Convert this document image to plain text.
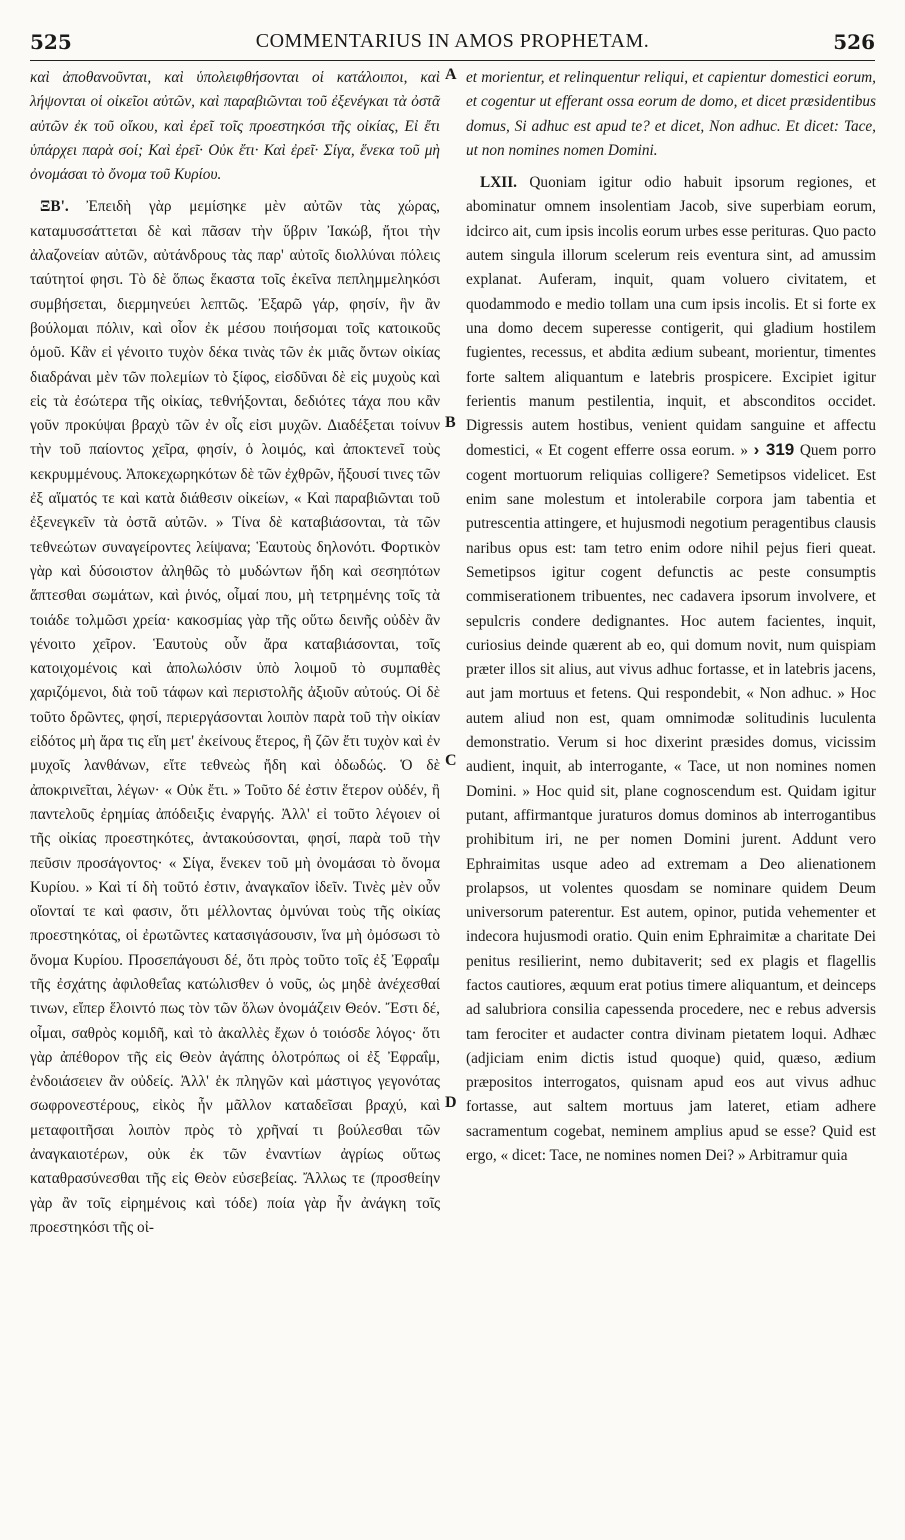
525	COMMENTARIUS IN AMOS PROPHETAM.	526
A
B
C
D

καὶ ἀποθανοῦνται, καὶ ὑπολειφθήσονται οἱ κατάλοιποι, καὶ λήψονται οἱ οἰκεῖοι αὐτῶν, καὶ παραβιῶνται τοῦ ἐξενέγκαι τὰ ὀστᾶ αὐτῶν ἐκ τοῦ οἴκου, καὶ ἐρεῖ τοῖς προεστηκόσι τῆς οἰκίας, Εἰ ἔτι ὑπάρχει παρὰ σοί; Καὶ ἐρεῖ· Οὐκ ἔτι· Καὶ ἐρεῖ· Σίγα, ἕνεκα τοῦ μὴ ὀνομάσαι τὸ ὄνομα τοῦ Κυρίου.

ΞΒ'. Ἐπειδὴ γὰρ μεμίσηκε μὲν αὐτῶν τὰς χώρας, καταμυσσάττεται δὲ καὶ πᾶσαν τὴν ὕβριν Ἰακώβ, ἤτοι τὴν ἀλαζονείαν αὐτῶν, αὐτάνδρους τὰς παρ' αὐτοῖς διολλύναι πόλεις ταύτητοί φησι. Τὸ δὲ ὅπως ἕκαστα τοῖς ἐκεῖνα πεπλημμεληκόσι συμβήσεται, διερμηνεύει λεπτῶς. Ἐξαρῶ γάρ, φησίν, ἣν ἂν βούλομαι πόλιν, καὶ οἷον ἐκ μέσου ποιήσομαι τοῖς κατοικοῦς ὁμοῦ. Κἂν εἰ γένοιτο τυχὸν δέκα τινὰς τῶν ἐκ μιᾶς ὄντων οἰκίας διαδράναι μὲν τῶν πολεμίων τὸ ξίφος, εἰσδῦναι δὲ εἰς μυχοὺς καὶ εἰς τὰ ἐσώτερα τῆς οἰκίας, τεθνήξονται, δεδιότες τάχα που κἂν γοῦν προκύψαι βραχὺ τῶν ἐν οἷς εἰσι μυχῶν. Διαδέξεται τοίνυν τὴν τοῦ παίοντος χεῖρα, φησίν, ὁ λοιμός, καὶ ἀποκτενεῖ τοὺς κεκρυμμένους. Ἀποκεχωρηκότων δὲ τῶν ἐχθρῶν, ἥξουσί τινες τῶν ἐξ αἵματός τε καὶ κατὰ διάθεσιν οἰκείων, « Καὶ παραβιῶνται τοῦ ἐξενεγκεῖν τὰ ὀστᾶ αὐτῶν. » Τίνα δὲ καταβιάσονται, τὰ τῶν τεθνεώτων συναγείροντες λείψανα; Ἑαυτοὺς δηλονότι. Φορτικὸν γὰρ καὶ δύσοιστον ἀληθῶς τὸ μυδώντων ἤδη καὶ σεσηπότων ἅπτεσθαι σωμάτων, καὶ ῥινός, οἶμαί που, μὴ τετρημένης τοῖς τὰ τοιάδε τολμῶσι χρεία· κακοσμίας γὰρ τῆς οὕτω δεινῆς οὐδὲν ἂν γένοιτο χεῖρον. Ἑαυτοὺς οὖν ἄρα καταβιάσονται, τοῖς κατοιχομένοις καὶ ἀπολωλόσιν ὑπὸ λοιμοῦ τὸ συμπαθὲς χαριζόμενοι, διὰ τοῦ τάφων καὶ περιστολῆς ἀξιοῦν αὐτούς. Οἱ δὲ τοῦτο δρῶντες, φησί, περιεργάσονται λοιπὸν παρὰ τοῦ τὴν οἰκίαν εἰδότος μὴ ἄρα τις εἴη μετ' ἐκείνους ἕτερος, ἢ ζῶν ἔτι τυχὸν καὶ ἐν μυχοῖς λανθάνων, εἴτε τεθνεὼς ἤδη καὶ ὀδωδώς. Ὁ δὲ ἀποκρινεῖται, λέγων· « Οὐκ ἔτι. » Τοῦτο δέ ἐστιν ἕτερον οὐδέν, ἢ παντελοῦς ἐρημίας ἀπόδειξις ἐναργής. Ἀλλ' εἰ τοῦτο λέγοιεν οἱ τῆς οἰκίας προεστηκότες, ἀντακούσονται, φησί, παρὰ τοῦ τὴν πεῦσιν προσάγοντος· « Σίγα, ἕνεκεν τοῦ μὴ ὀνομάσαι τὸ ὄνομα Κυρίου. » Καὶ τί δὴ τοῦτό ἐστιν, ἀναγκαῖον ἰδεῖν. Τινὲς μὲν οὖν οἴονταί τε καὶ φασιν, ὅτι μέλλοντας ὀμνύναι τοὺς τῆς οἰκίας προεστηκότας, οἱ ἐρωτῶντες κατασιγάσουσιν, ἵνα μὴ ὀμόσωσι τὸ ὄνομα Κυρίου. Προσεπάγουσι δέ, ὅτι πρὸς τοῦτο τοῖς ἐξ Ἐφραΐμ τῆς ἐσχάτης ἀφιλοθεΐας κατώλισθεν ὁ νοῦς, ὡς μηδὲ ἀνέχεσθαί τινων, εἴπερ ἕλοιντό πως τὸν τῶν ὅλων ὀνομάζειν Θεόν. Ἔστι δέ, οἶμαι, σαθρὸς κομιδῆ, καὶ τὸ ἀκαλλὲς ἔχων ὁ τοιόσδε λόγος· ὅτι γὰρ ἀπέθορον τῆς εἰς Θεὸν ἀγάπης ὁλοτρόπως οἱ ἐξ Ἐφραΐμ, ἐνδοιάσειεν ἂν οὐδείς. Ἀλλ' ἐκ πληγῶν καὶ μάστιγος γεγονότας σωφρονεστέρους, εἰκὸς ἦν μᾶλλον καταδεῖσαι βραχύ, καὶ μεταφοιτῆσαι λοιπὸν πρὸς τὸ χρῆναί τι βούλεσθαι τῶν ἀναγκαιοτέρων, οὐκ ἐκ τῶν ἐναντίων ἀγρίως οὕτως καταθρασύνεσθαι τῆς εἰς Θεὸν εὐσεβείας. Ἄλλως τε (προσθείην γὰρ ἂν τοῖς εἰρημένοις καὶ τόδε) ποία γὰρ ἦν ἀνάγκη τοῖς προεστηκόσι τῆς οἰ-

et morientur, et relinquentur reliqui, et capientur domestici eorum, et cogentur ut efferant ossa eorum de domo, et dicet præsidentibus domus, Si adhuc est apud te? et dicet, Non adhuc. Et dicet: Tace, ut non nomines nomen Domini.

LXII. Quoniam igitur odio habuit ipsorum regiones, et abominatur omnem insolentiam Jacob, sive superbiam eorum, idcirco ait, cum ipsis incolis eorum urbes esse perituras. Quo pacto autem singula illorum scelerum reis eventura sint, ad amussim explanat. Auferam, inquit, quam voluero civitatem, et quodammodo e medio tollam una cum ipsis incolis. Et si forte ex una domo decem superesse contigerit, qui gladium hostilem fugientes, recessus, et abdita ædium subeant, morientur, timentes forte saltem aliquantum e latebris prospicere. Excipiet igitur ferientis manum pestilentia, inquit, et absconditos occidet. Digressis autem hostibus, venient quidam sanguine et affectu domestici, « Et cogent efferre ossa eorum. » › 319 Quem porro cogent mortuorum reliquias colligere? Semetipsos videlicet. Est enim sane molestum et intolerabile corpora jam tabentia et putrescentia attingere, et hujusmodi negotium peragentibus clausis naribus opus est: tam tetro enim odore nihil pejus fieri queat. Semetipsos igitur cogent defunctis ac peste consumptis commiserationem tribuentes, nec cadavera ipsorum involvere, et sepulcris condere dedignantes. Hoc autem facientes, inquit, curiosius deinde quærent ab eo, qui domum novit, num quispiam præter illos sit alius, aut vivus adhuc fortasse, et in latebris jacens, aut jam mortuus et fetens. Qui respondebit, « Non adhuc. » Hoc autem aliud non est, quam omnimodæ solitudinis luculenta demonstratio. Verum si hoc dixerint præsides domus, vicissim audient, inquit, ab interrogante, « Tace, ut non nomines nomen Domini. » Hoc quid sit, plane cognoscendum est. Quidam igitur putant, affirmantque juraturos domus dominos ab interrogantibus prohibitum iri, ne per nomen Domini jurent. Addunt vero Ephraimitas usque adeo ad extremam a Deo alienationem prolapsos, ut volentes quosdam se nominare quidem Deum universorum paterentur. Est autem, opinor, putida vehementer et indecora hujusmodi oratio. Quin enim Ephraimitæ a charitate Dei penitus resilierint, nemo dubitaverit; sed ex plagis et flagellis factos cautiores, æquum erat potius timere aliquantum, et deinceps ad salubriora consilia capessenda procedere, nec e rebus adversis tam ferociter et audacter contra divinam pietatem loqui. Adhæc (adjiciam enim dictis istud quoque) quid, quæso, ædium præpositos interrogatos, quisnam apud eos aut vivus adhuc fortasse, aut saltem mortuus jam lateret, etiam adhere sacramentum cogebat, neminem amplius apud se esse? Quid est ergo, « dicet: Tace, ne nomines nomen Dei? » Arbitramur quia
